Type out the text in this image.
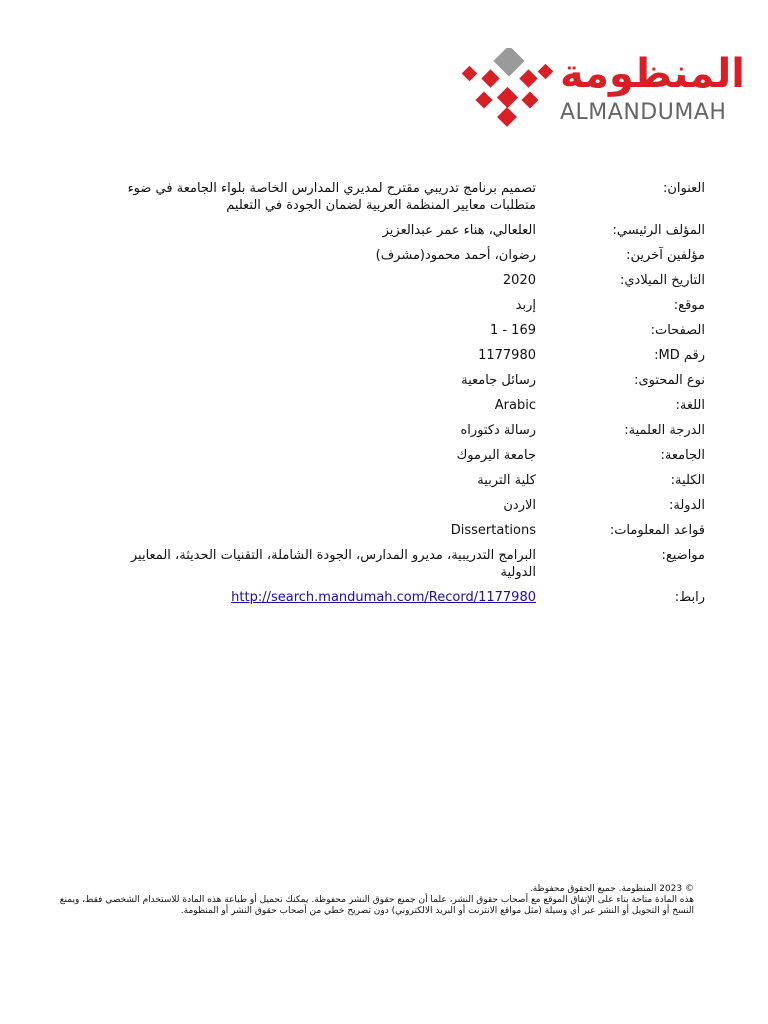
المنظومة
ALMANDUMAH
العنوان:
تصميم برنامج تدريبي مقترح لمديري المدارس الخاصة بلواء الجامعة في ضوء متطلبات معايير المنظمة العربية لضمان الجودة في التعليم
المؤلف الرئيسي:
العلعالي، هناء عمر عبدالعزيز
مؤلفين آخرين:
رضوان، أحمد محمود(مشرف)
التاريخ الميلادي:
2020
موقع:
إربد
الصفحات:
1 - 169
رقم MD:
1177980
نوع المحتوى:
رسائل جامعية
اللغة:
Arabic
الدرجة العلمية:
رسالة دكتوراه
الجامعة:
جامعة اليرموك
الكلية:
كلية التربية
الدولة:
الاردن
قواعد المعلومات:
Dissertations
مواضيع:
البرامج التدريبية، مديرو المدارس، الجودة الشاملة، التقنيات الحديثة، المعايير الدولية
رابط:
http://search.mandumah.com/Record/1177980

© 2023 المنظومة. جميع الحقوق محفوظة.

هذه المادة متاحة بناء على الإتفاق الموقع مع أصحاب حقوق النشر، علما أن جميع حقوق النشر محفوظة. يمكنك تحميل أو طباعة هذه المادة للاستخدام الشخصي فقط، ويمنع النسخ أو التحويل أو النشر عبر أي وسيلة (مثل مواقع الانترنت أو البريد الالكتروني) دون تصريح خطي من أصحاب حقوق النشر أو المنظومة.
